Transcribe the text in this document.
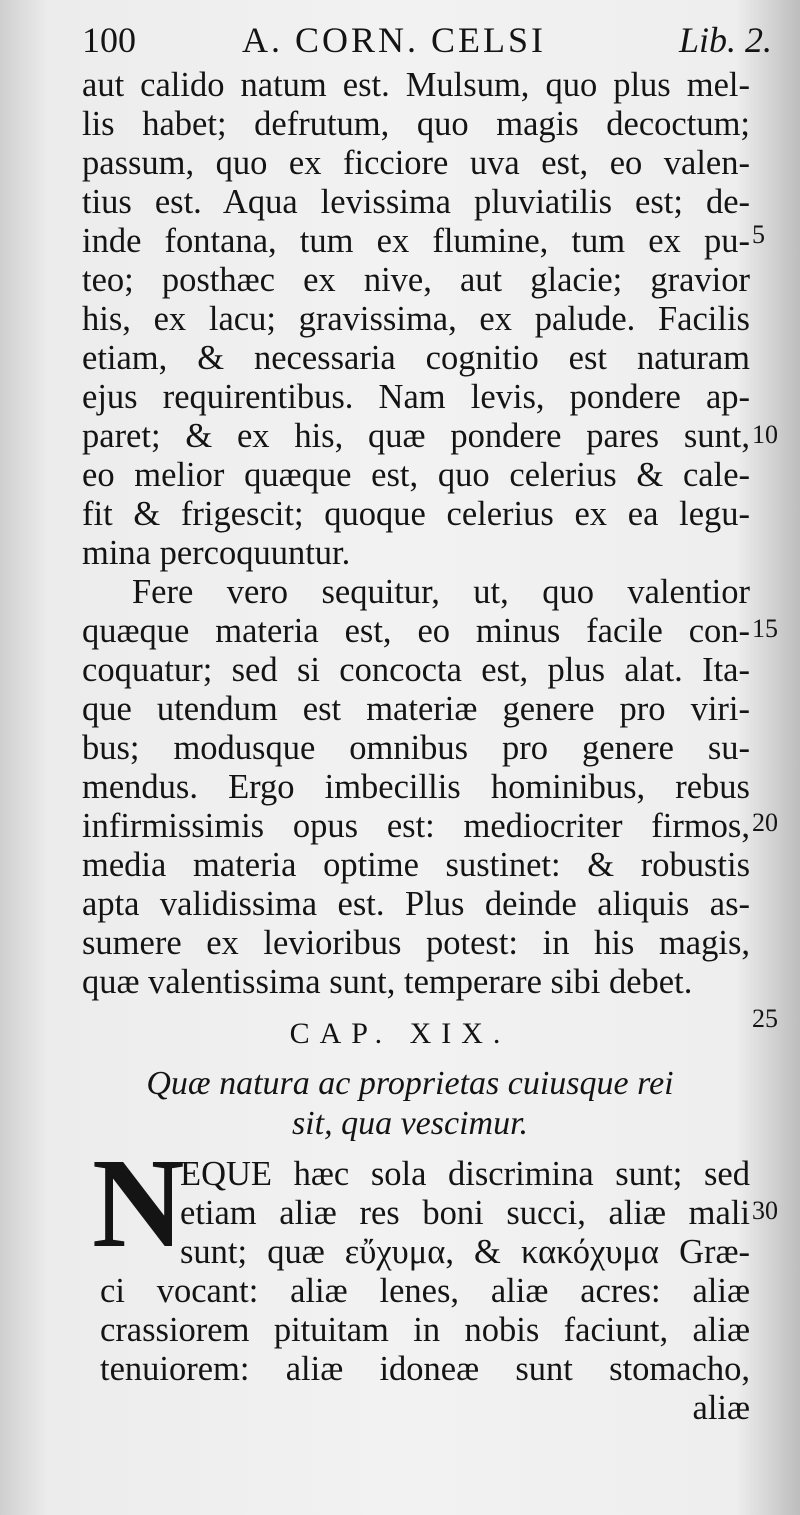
100	A. CORN. CELSI	Lib. 2.
aut calido natum est. Mulsum, quo plus mel-
lis habet; defrutum, quo magis decoctum;
passum, quo ex ficciore uva est, eo valen-
tius est. Aqua levissima pluviatilis est; de-
inde fontana, tum ex flumine, tum ex pu-
teo; posthæc ex nive, aut glacie; gravior
his, ex lacu; gravissima, ex palude. Facilis
etiam, & necessaria cognitio est naturam
ejus requirentibus. Nam levis, pondere ap-
paret; & ex his, quæ pondere pares sunt,
eo melior quæque est, quo celerius & cale-
fit & frigescit; quoque celerius ex ea legu-
mina percoquuntur.
Fere vero sequitur, ut, quo valentior
quæque materia est, eo minus facile con-
coquatur; sed si concocta est, plus alat. Ita-
que utendum est materiæ genere pro viri-
bus; modusque omnibus pro genere su-
mendus. Ergo imbecillis hominibus, rebus
infirmissimis opus est: mediocriter firmos,
media materia optime sustinet: & robustis
apta validissima est. Plus deinde aliquis as-
sumere ex levioribus potest: in his magis,
quæ valentissima sunt, temperare sibi debet.
CAP. XIX.
Quæ natura ac proprietas cuiusque rei
sit, qua vescimur.
N
EQUE hæc sola discrimina sunt; sed
etiam aliæ res boni succi, aliæ mali
sunt; quæ εὔχυμα, & κακόχυμα Græ-
ci vocant: aliæ lenes, aliæ acres: aliæ
crassiorem pituitam in nobis faciunt, aliæ
tenuiorem: aliæ idoneæ sunt stomacho,
aliæ
5
10
15
20
25
30
